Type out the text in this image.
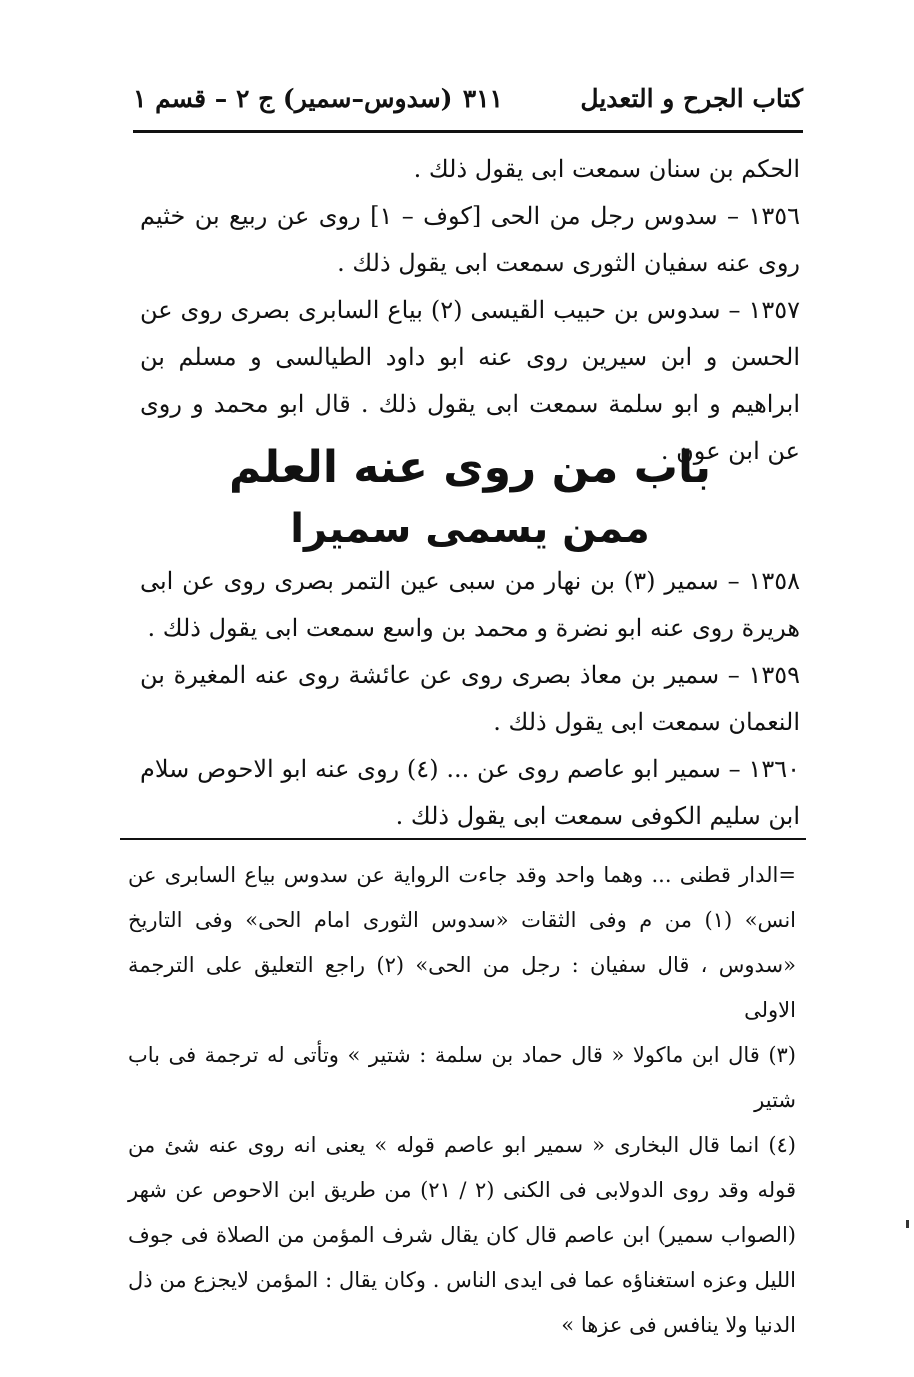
كتاب الجرح و التعديل
٣١١
(سدوس–سمير) ج ٢ – قسم ١

الحكم بن سنان سمعت ابى يقول ذلك .

١٣٥٦ – سدوس رجل من الحى [كوف – ١] روى عن ربيع بن خثيم روى عنه سفيان الثورى سمعت ابى يقول ذلك .

١٣٥٧ – سدوس بن حبيب القيسى (٢) بياع السابرى بصرى روى عن الحسن و ابن سيرين روى عنه ابو داود الطيالسى و مسلم بن ابراهيم و ابو سلمة سمعت ابى يقول ذلك . قال ابو محمد و روى عن ابن عون .

باب من روى عنه العلم
ممن يسمى سميرا

١٣٥٨ – سمير (٣) بن نهار من سبى عين التمر بصرى روى عن ابى هريرة روى عنه ابو نضرة و محمد بن واسع سمعت ابى يقول ذلك .

١٣٥٩ – سمير بن معاذ بصرى روى عن عائشة روى عنه المغيرة بن النعمان سمعت ابى يقول ذلك .

١٣٦٠ – سمير ابو عاصم روى عن ... (٤) روى عنه ابو الاحوص سلام ابن سليم الكوفى سمعت ابى يقول ذلك .

=الدار قطنى ... وهما واحد وقد جاءت الرواية عن سدوس بياع السابرى عن انس» (١) من م وفى الثقات «سدوس الثورى امام الحى» وفى التاريخ «سدوس ، قال سفيان : رجل من الحى» (٢) راجع التعليق على الترجمة الاولى

(٣) قال ابن ماكولا « قال حماد بن سلمة : شتير » وتأتى له ترجمة فى باب شتير

(٤) انما قال البخارى « سمير ابو عاصم قوله » يعنى انه روى عنه شئ من قوله وقد روى الدولابى فى الكنى (٢ / ٢١) من طريق ابن الاحوص عن شهر (الصواب سمير) ابن عاصم قال كان يقال شرف المؤمن من الصلاة فى جوف الليل وعزه استغناؤه عما فى ايدى الناس . وكان يقال : المؤمن لايجزع من ذل الدنيا ولا ينافس فى عزها »
